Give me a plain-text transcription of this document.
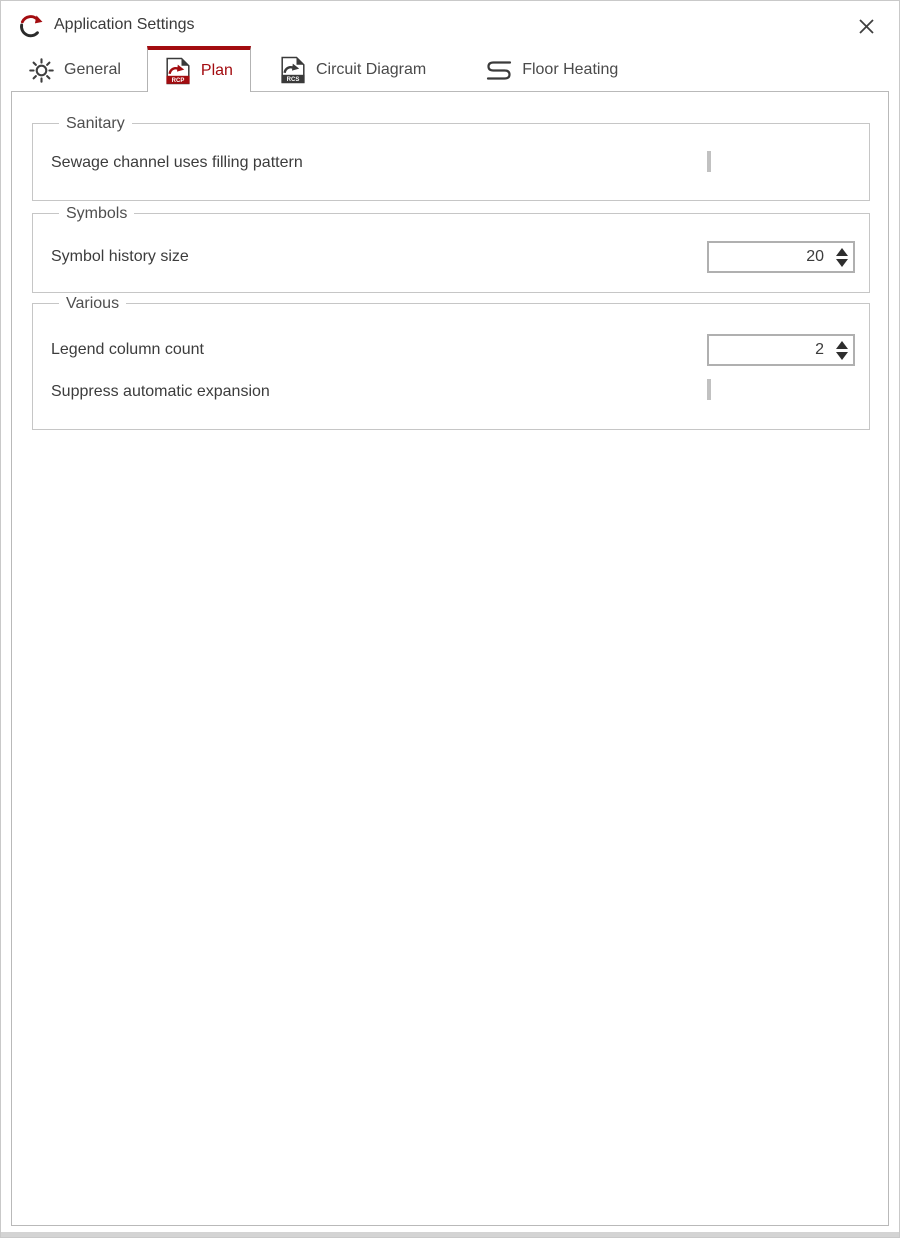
Application Settings
General
RCP
Plan
RCS
Circuit Diagram	Floor Heating
Sanitary
Sewage channel uses filling pattern
Symbols
Symbol history size
20
Various
Legend column count
2
Suppress automatic expansion
